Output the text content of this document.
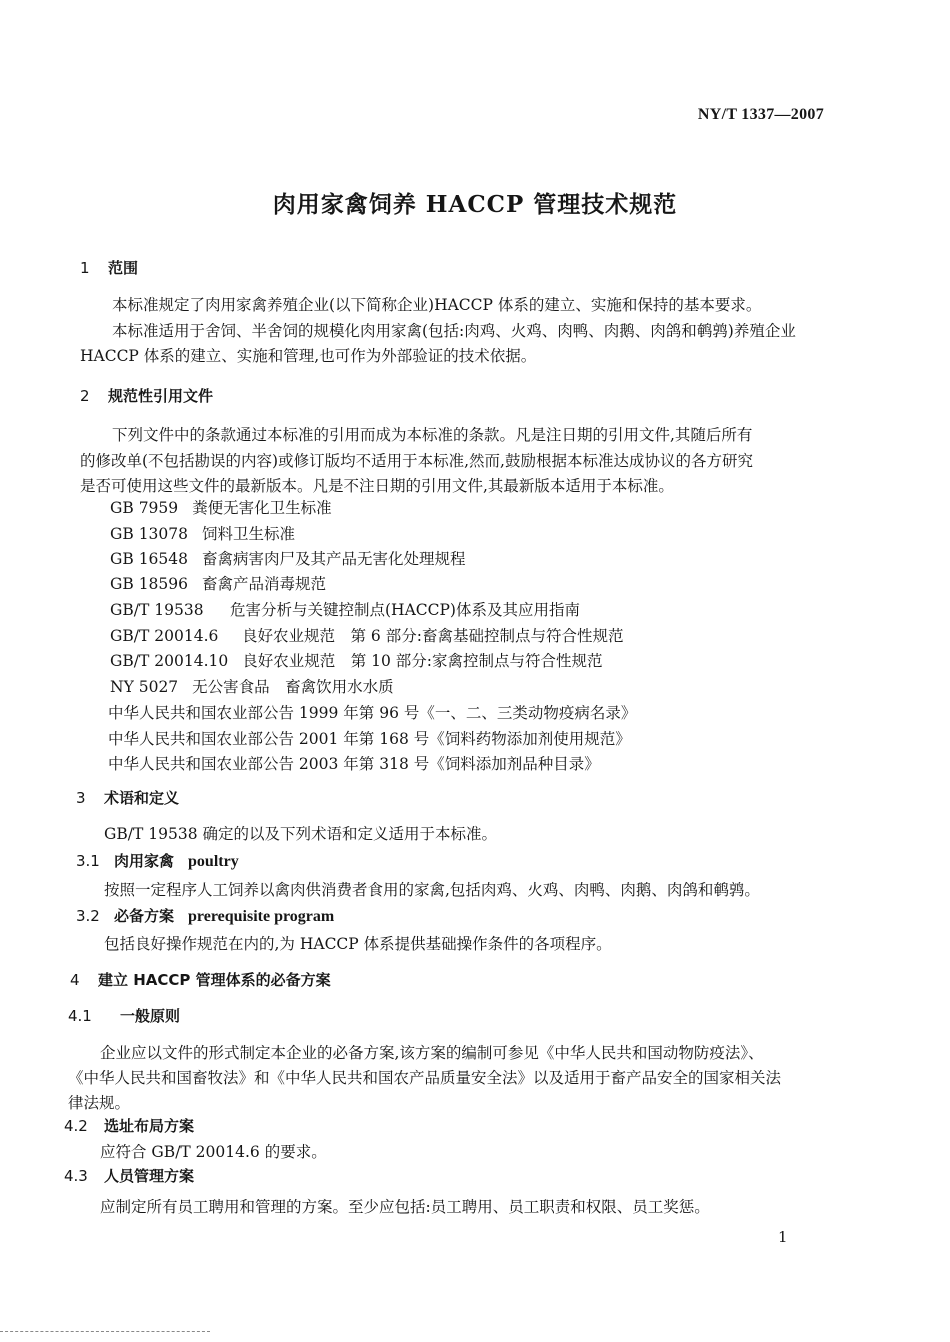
NY/T 1337—2007
肉用家禽饲养 HACCP 管理技术规范
1 范围
本标准规定了肉用家禽养殖企业(以下简称企业)HACCP 体系的建立、实施和保持的基本要求。
本标准适用于舍饲、半舍饲的规模化肉用家禽(包括:肉鸡、火鸡、肉鸭、肉鹅、肉鸽和鹌鹑)养殖企业
HACCP 体系的建立、实施和管理,也可作为外部验证的技术依据。
2 规范性引用文件
下列文件中的条款通过本标准的引用而成为本标准的条款。凡是注日期的引用文件,其随后所有
的修改单(不包括勘误的内容)或修订版均不适用于本标准,然而,鼓励根据本标准达成协议的各方研究
是否可使用这些文件的最新版本。凡是不注日期的引用文件,其最新版本适用于本标准。
GB 7959 粪便无害化卫生标准
GB 13078 饲料卫生标准
GB 16548 畜禽病害肉尸及其产品无害化处理规程
GB 18596 畜禽产品消毒规范
GB/T 19538 危害分析与关键控制点(HACCP)体系及其应用指南
GB/T 20014.6 良好农业规范　第 6 部分:畜禽基础控制点与符合性规范
GB/T 20014.10 良好农业规范　第 10 部分:家禽控制点与符合性规范
NY 5027 无公害食品　畜禽饮用水水质
中华人民共和国农业部公告 1999 年第 96 号《一、二、三类动物疫病名录》
中华人民共和国农业部公告 2001 年第 168 号《饲料药物添加剂使用规范》
中华人民共和国农业部公告 2003 年第 318 号《饲料添加剂品种目录》
3 术语和定义
GB/T 19538 确定的以及下列术语和定义适用于本标准。
3.1 肉用家禽 poultry
按照一定程序人工饲养以禽肉供消费者食用的家禽,包括肉鸡、火鸡、肉鸭、肉鹅、肉鸽和鹌鹑。
3.2 必备方案 prerequisite program
包括良好操作规范在内的,为 HACCP 体系提供基础操作条件的各项程序。
4 建立 HACCP 管理体系的必备方案
4.1 一般原则
企业应以文件的形式制定本企业的必备方案,该方案的编制可参见《中华人民共和国动物防疫法》、
《中华人民共和国畜牧法》和《中华人民共和国农产品质量安全法》以及适用于畜产品安全的国家相关法
律法规。
4.2 选址布局方案
应符合 GB/T 20014.6 的要求。
4.3 人员管理方案
应制定所有员工聘用和管理的方案。至少应包括:员工聘用、员工职责和权限、员工奖惩。
1
